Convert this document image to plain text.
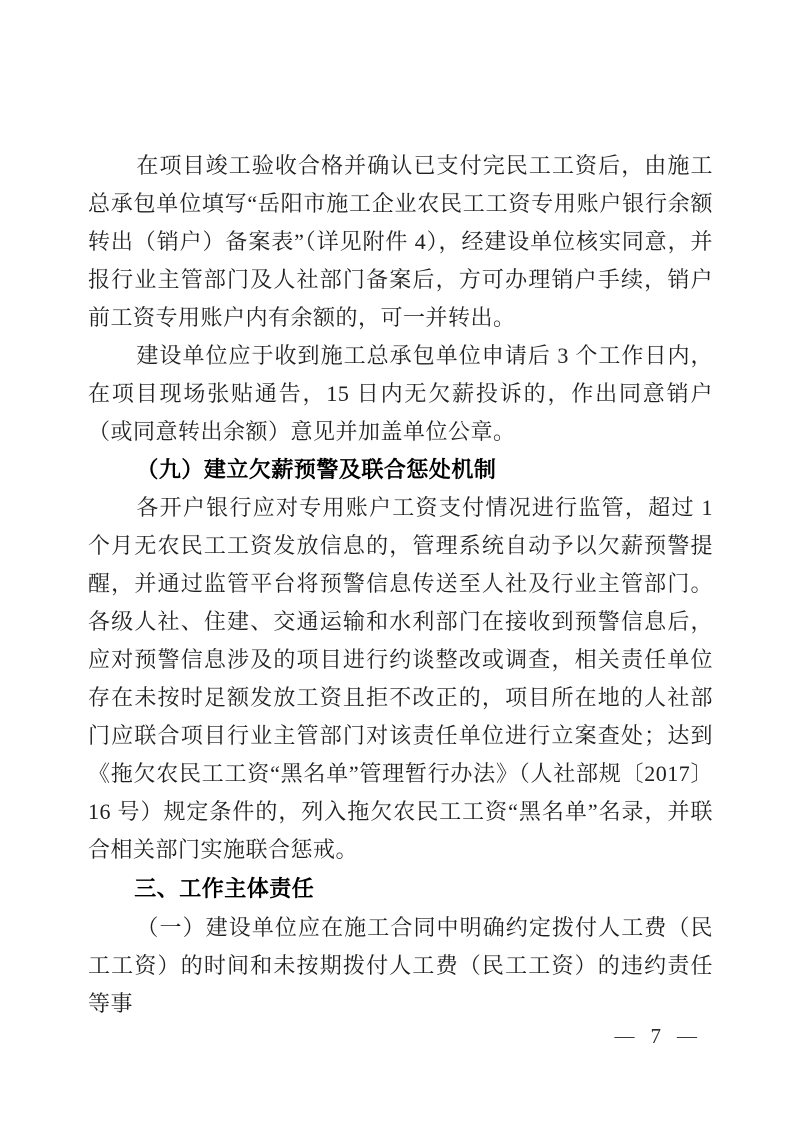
在项目竣工验收合格并确认已支付完民工工资后，由施工总承包单位填写“岳阳市施工企业农民工工资专用账户银行余额转出（销户）备案表”（详见附件 4），经建设单位核实同意，并报行业主管部门及人社部门备案后，方可办理销户手续，销户前工资专用账户内有余额的，可一并转出。

建设单位应于收到施工总承包单位申请后 3 个工作日内，在项目现场张贴通告，15 日内无欠薪投诉的，作出同意销户（或同意转出余额）意见并加盖单位公章。

（九）建立欠薪预警及联合惩处机制

各开户银行应对专用账户工资支付情况进行监管，超过 1 个月无农民工工资发放信息的，管理系统自动予以欠薪预警提醒，并通过监管平台将预警信息传送至人社及行业主管部门。各级人社、住建、交通运输和水利部门在接收到预警信息后，应对预警信息涉及的项目进行约谈整改或调查，相关责任单位存在未按时足额发放工资且拒不改正的，项目所在地的人社部门应联合项目行业主管部门对该责任单位进行立案查处；达到《拖欠农民工工资“黑名单”管理暂行办法》（人社部规〔2017〕16 号）规定条件的，列入拖欠农民工工资“黑名单”名录，并联合相关部门实施联合惩戒。

三、工作主体责任

（一）建设单位应在施工合同中明确约定拨付人工费（民工工资）的时间和未按期拨付人工费（民工工资）的违约责任等事

— 7 —
